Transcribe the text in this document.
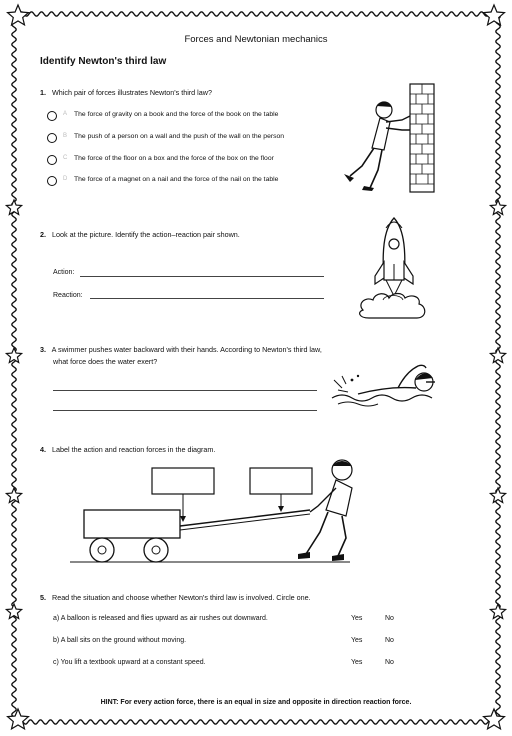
Forces and Newtonian mechanics
Identify Newton's third law
1. Which pair of forces illustrates Newton's third law?
A The force of gravity on a book and the force of the book on the table
B The push of a person on a wall and the push of the wall on the person
C The force of the floor on a box and the force of the box on the floor
D The force of a magnet on a nail and the force of the nail on the table
2. Look at the picture. Identify the action–reaction pair shown.
Action:
Reaction:
3. A swimmer pushes water backward with their hands. According to Newton's third law,
what force does the water exert?
4. Label the action and reaction forces in the diagram.
5. Read the situation and choose whether Newton's third law is involved. Circle one.
a) A balloon is released and flies upward as air rushes out downward.	Yes	No
b) A ball sits on the ground without moving.	Yes	No
c) You lift a textbook upward at a constant speed.	Yes	No
HINT: For every action force, there is an equal in size and opposite in direction reaction force.
